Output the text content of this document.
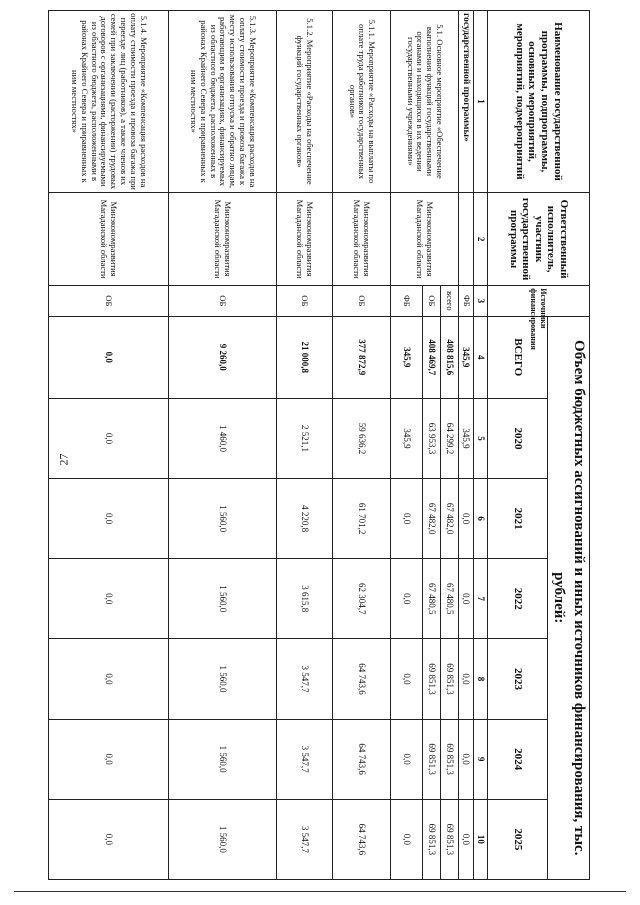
27
Наименование государственной программы, подпрограммы, основных мероприятий, мероприятий, подмероприятий	Ответственный исполнитель, участник государственной программы	Источники финансирования	Объем бюджетных ассигнований и иных источников финансирования, тыс. рублей:						
			ВСЕГО	2020	2021	2022	2023	2024	2025
1	2	3	4	5	6	7	8	9	10
государственной программы»		ФБ	345,9	345,9	0,0	0,0	0,0	0,0	0,0
5.1. Основное мероприятие «Обеспечение выполнения функций государственными органами и находящихся в их ведении государственными учреждениями»	Минэкономразвития Магаданской области	всего	408 815,6	64 299,2	67 482,0	67 480,5	69 851,3	69 851,3	69 851,3
		ОБ	408 469,7	63 953,3	67 482,0	67 480,5	69 851,3	69 851,3	69 851,3
		ФБ	345,9	345,9	0,0	0,0	0,0	0,0	0,0
5.1.1. Мероприятие «Расходы на выплаты по оплате труда работников государственных органов»	Минэкономразвития Магаданской области	ОБ	377 872,9	59 636,2	61 701,2	62 304,7	64 743,6	64 743,6	64 743,6
5.1.2. Мероприятие «Расходы на обеспечение функций государственных органов»	Минэкономразвития Магаданской области	ОБ	21 000,8	2 521,1	4 220,8	3 615,8	3 547,7	3 547,7	3 547,7
5.1.3. Мероприятие «Компенсация расходов на оплату стоимости проезда и провоза багажа к месту использования отпуска и обратно лицам, работающим в организациях, финансируемых из областного бюджета, расположенных в районах Крайнего Севера и приравненных к ним местностях»	Минэкономразвития Магаданской области	ОБ	9 260,0	1 460,0	1 560,0	1 560,0	1 560,0	1 560,0	1 560,0
5.1.4. Мероприятие «Компенсация расходов на оплату стоимости проезда и провоза багажа при переезде лиц (работников), а также членов их семей при заключении (расторжении) трудовых договоров с организациями, финансируемыми из областного бюджета, расположенными в районах Крайнего Севера и приравненных к ним местностях»	Минэкономразвития Магаданской области	ОБ	0,0	0,0	0,0	0,0	0,0	0,0	0,0
